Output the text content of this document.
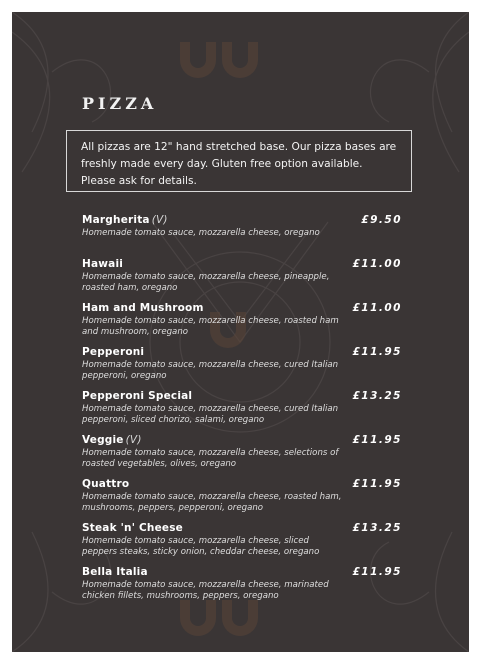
PIZZA
All pizzas are 12" hand stretched base. Our pizza bases are freshly made every day. Gluten free option available. Please ask for details.
Margherita (V)	£9.50
Homemade tomato sauce, mozzarella cheese, oregano
Hawaii	£11.00
Homemade tomato sauce, mozzarella cheese, pineapple, roasted ham, oregano
Ham and Mushroom	£11.00
Homemade tomato sauce, mozzarella cheese, roasted ham and mushroom, oregano
Pepperoni	£11.95
Homemade tomato sauce, mozzarella cheese, cured Italian pepperoni, oregano
Pepperoni Special	£13.25
Homemade tomato sauce, mozzarella cheese, cured Italian pepperoni, sliced chorizo, salami, oregano
Veggie (V)	£11.95
Homemade tomato sauce, mozzarella cheese, selections of roasted vegetables, olives, oregano
Quattro	£11.95
Homemade tomato sauce, mozzarella cheese, roasted ham, mushrooms, peppers, pepperoni, oregano
Steak 'n' Cheese	£13.25
Homemade tomato sauce, mozzarella cheese, sliced peppers steaks, sticky onion, cheddar cheese, oregano
Bella Italia	£11.95
Homemade tomato sauce, mozzarella cheese, marinated chicken fillets, mushrooms, peppers, oregano
